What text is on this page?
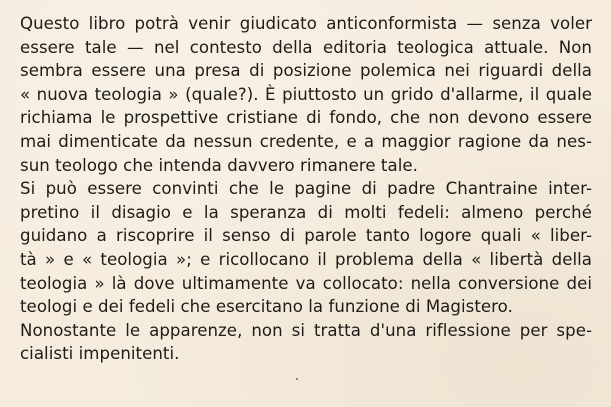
Questo libro potrà venir giudicato anticonformista — senza voler
essere tale — nel contesto della editoria teologica attuale. Non
sembra essere una presa di posizione polemica nei riguardi della
« nuova teologia » (quale?). È piuttosto un grido d'allarme, il quale
richiama le prospettive cristiane di fondo, che non devono essere
mai dimenticate da nessun credente, e a maggior ragione da nes-
sun teologo che intenda davvero rimanere tale.
Si può essere convinti che le pagine di padre Chantraine inter-
pretino il disagio e la speranza di molti fedeli: almeno perché
guidano a riscoprire il senso di parole tanto logore quali « liber-
tà » e « teologia »; e ricollocano il problema della « libertà della
teologia » là dove ultimamente va collocato: nella conversione dei
teologi e dei fedeli che esercitano la funzione di Magistero.
Nonostante le apparenze, non si tratta d'una riflessione per spe-
cialisti impenitenti.
